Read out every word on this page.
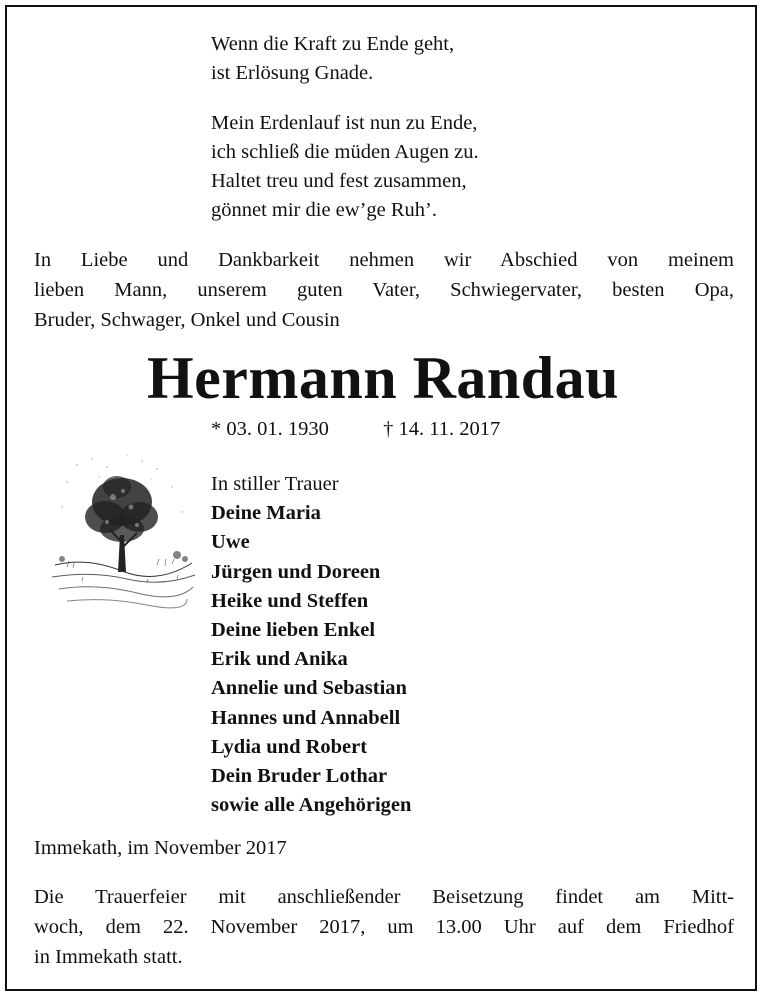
Wenn die Kraft zu Ende geht,
ist Erlösung Gnade.
Mein Erdenlauf ist nun zu Ende,
ich schließ die müden Augen zu.
Haltet treu und fest zusammen,
gönnet mir die ew’ge Ruh’.
In Liebe und Dankbarkeit nehmen wir Abschied von meinem
lieben Mann, unserem guten Vater, Schwiegervater, besten Opa,
Bruder, Schwager, Onkel und Cousin
Hermann Randau
* 03. 01. 1930	† 14. 11. 2017
In stiller Trauer
Deine Maria
Uwe
Jürgen und Doreen
Heike und Steffen
Deine lieben Enkel
Erik und Anika
Annelie und Sebastian
Hannes und Annabell
Lydia und Robert
Dein Bruder Lothar
sowie alle Angehörigen
Immekath, im November 2017
Die Trauerfeier mit anschließender Beisetzung findet am Mitt-
woch, dem 22. November 2017, um 13.00 Uhr auf dem Friedhof
in Immekath statt.
